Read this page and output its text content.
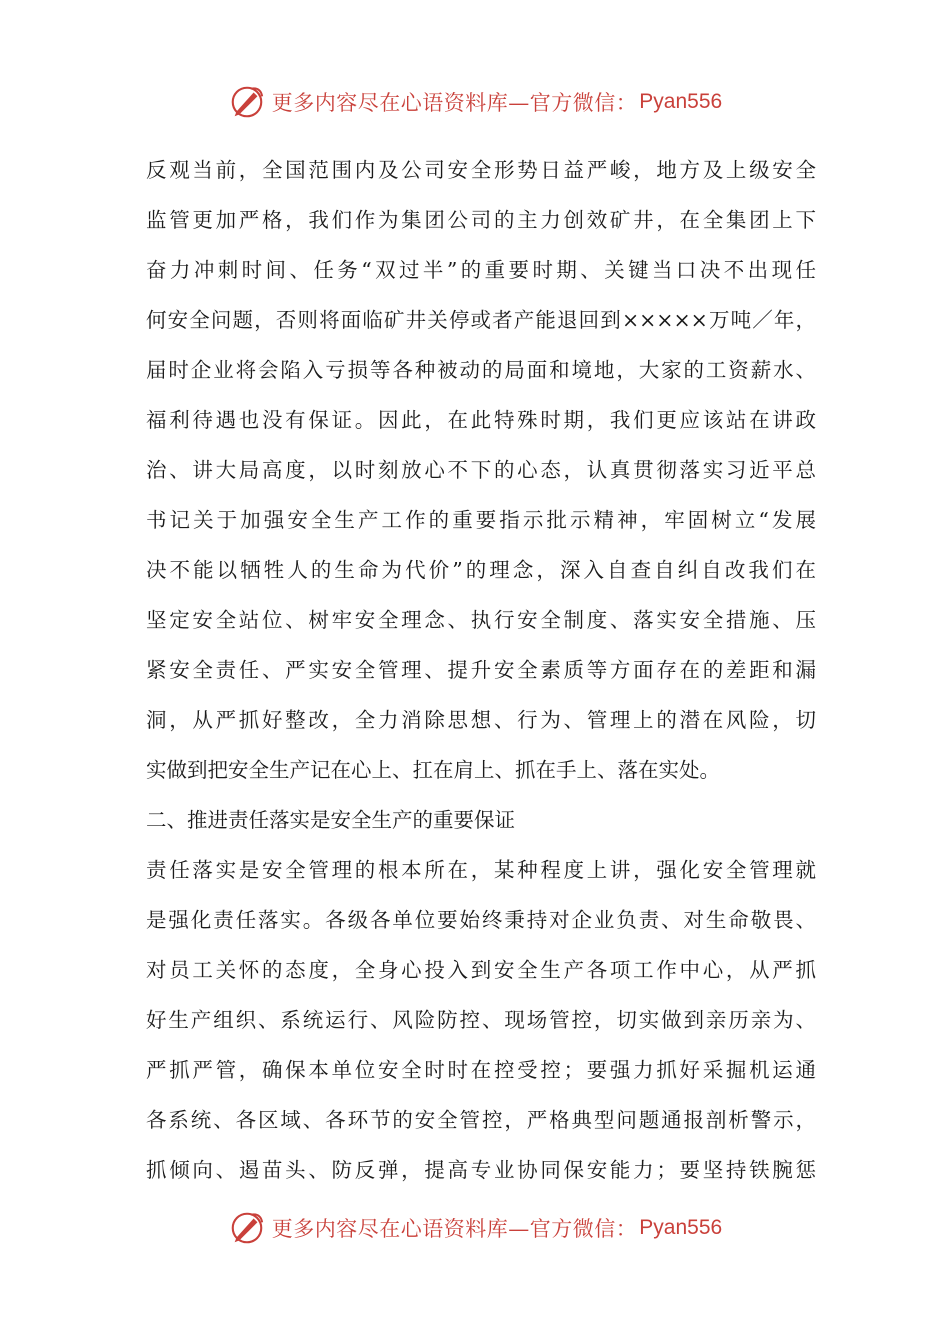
更多内容尽在心语资料库—官方微信： Pyan556
反观当前，全国范围内及公司安全形势日益严峻，地方及上级安全
监管更加严格，我们作为集团公司的主力创效矿井，在全集团上下
奋力冲刺时间、任务“双过半”的重要时期、关键当口决不出现任
何安全问题，否则将面临矿井关停或者产能退回到×××××万吨／年，
届时企业将会陷入亏损等各种被动的局面和境地，大家的工资薪水、
福利待遇也没有保证。因此，在此特殊时期，我们更应该站在讲政
治、讲大局高度，以时刻放心不下的心态，认真贯彻落实习近平总
书记关于加强安全生产工作的重要指示批示精神，牢固树立“发展
决不能以牺牲人的生命为代价”的理念，深入自查自纠自改我们在
坚定安全站位、树牢安全理念、执行安全制度、落实安全措施、压
紧安全责任、严实安全管理、提升安全素质等方面存在的差距和漏
洞，从严抓好整改，全力消除思想、行为、管理上的潜在风险，切
实做到把安全生产记在心上、扛在肩上、抓在手上、落在实处。
二、推进责任落实是安全生产的重要保证
责任落实是安全管理的根本所在，某种程度上讲，强化安全管理就
是强化责任落实。各级各单位要始终秉持对企业负责、对生命敬畏、
对员工关怀的态度，全身心投入到安全生产各项工作中心，从严抓
好生产组织、系统运行、风险防控、现场管控，切实做到亲历亲为、
严抓严管，确保本单位安全时时在控受控；要强力抓好采掘机运通
各系统、各区域、各环节的安全管控，严格典型问题通报剖析警示，
抓倾向、遏苗头、防反弹，提高专业协同保安能力；要坚持铁腕惩
更多内容尽在心语资料库—官方微信： Pyan556
